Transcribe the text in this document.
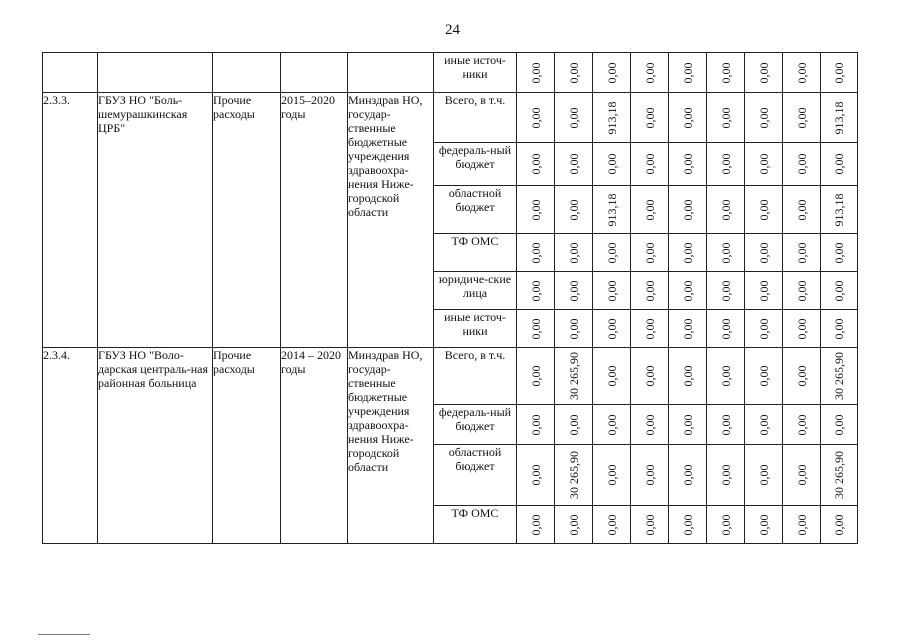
24
					иные источ-ники	0,00	0,00	0,00	0,00	0,00	0,00	0,00	0,00	0,00

2.3.3.	ГБУЗ НО "Боль-шемурашкинская ЦРБ"	Прочие расходы	2015–2020 годы	Минздрав НО, государ-ственные бюджетные учреждения здравоохра-нения Ниже-городской области	Всего, в т.ч.	0,00	0,00	913,18	0,00	0,00	0,00	0,00	0,00	913,18

					федераль-ный бюджет	0,00	0,00	0,00	0,00	0,00	0,00	0,00	0,00	0,00

					областной бюджет	0,00	0,00	913,18	0,00	0,00	0,00	0,00	0,00	913,18

					ТФ ОМС	0,00	0,00	0,00	0,00	0,00	0,00	0,00	0,00	0,00

					юридиче-ские лица	0,00	0,00	0,00	0,00	0,00	0,00	0,00	0,00	0,00

					иные источ-ники	0,00	0,00	0,00	0,00	0,00	0,00	0,00	0,00	0,00

2.3.4.	ГБУЗ НО "Воло-дарская централь-ная районная больница	Прочие расходы	2014 – 2020 годы	Минздрав НО, государ-ственные бюджетные учреждения здравоохра-нения Ниже-городской области	Всего, в т.ч.	0,00	30 265,90	0,00	0,00	0,00	0,00	0,00	0,00	30 265,90

					федераль-ный бюджет	0,00	0,00	0,00	0,00	0,00	0,00	0,00	0,00	0,00

					областной бюджет	0,00	30 265,90	0,00	0,00	0,00	0,00	0,00	0,00	30 265,90

					ТФ ОМС	0,00	0,00	0,00	0,00	0,00	0,00	0,00	0,00	0,00
